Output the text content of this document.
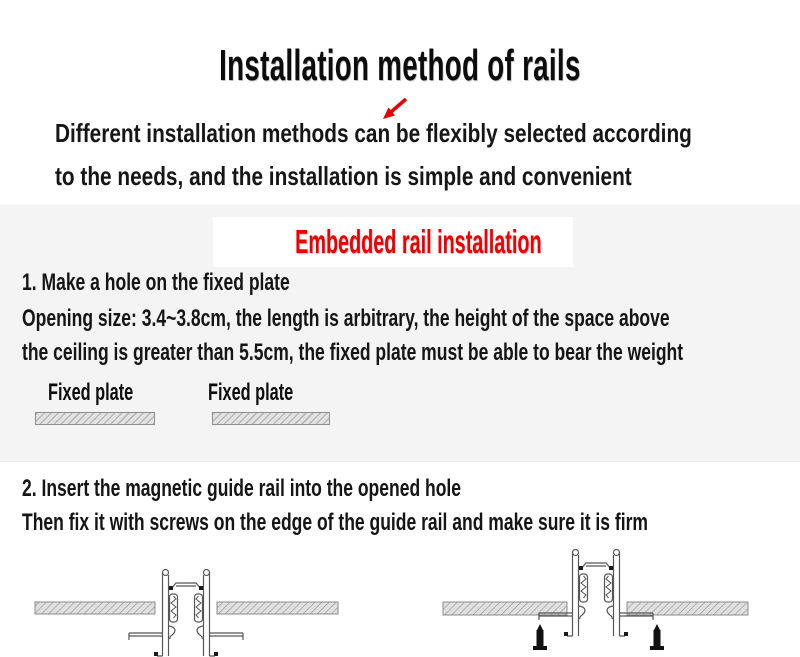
Installation method of rails
Different installation methods can be flexibly selected according
to the needs, and the installation is simple and convenient
Embedded rail installation
1. Make a hole on the fixed plate
Opening size: 3.4~3.8cm, the length is arbitrary, the height of the space above
the ceiling is greater than 5.5cm, the fixed plate must be able to bear the weight
Fixed plate	Fixed plate
2. Insert the magnetic guide rail into the opened hole
Then fix it with screws on the edge of the guide rail and make sure it is firm
